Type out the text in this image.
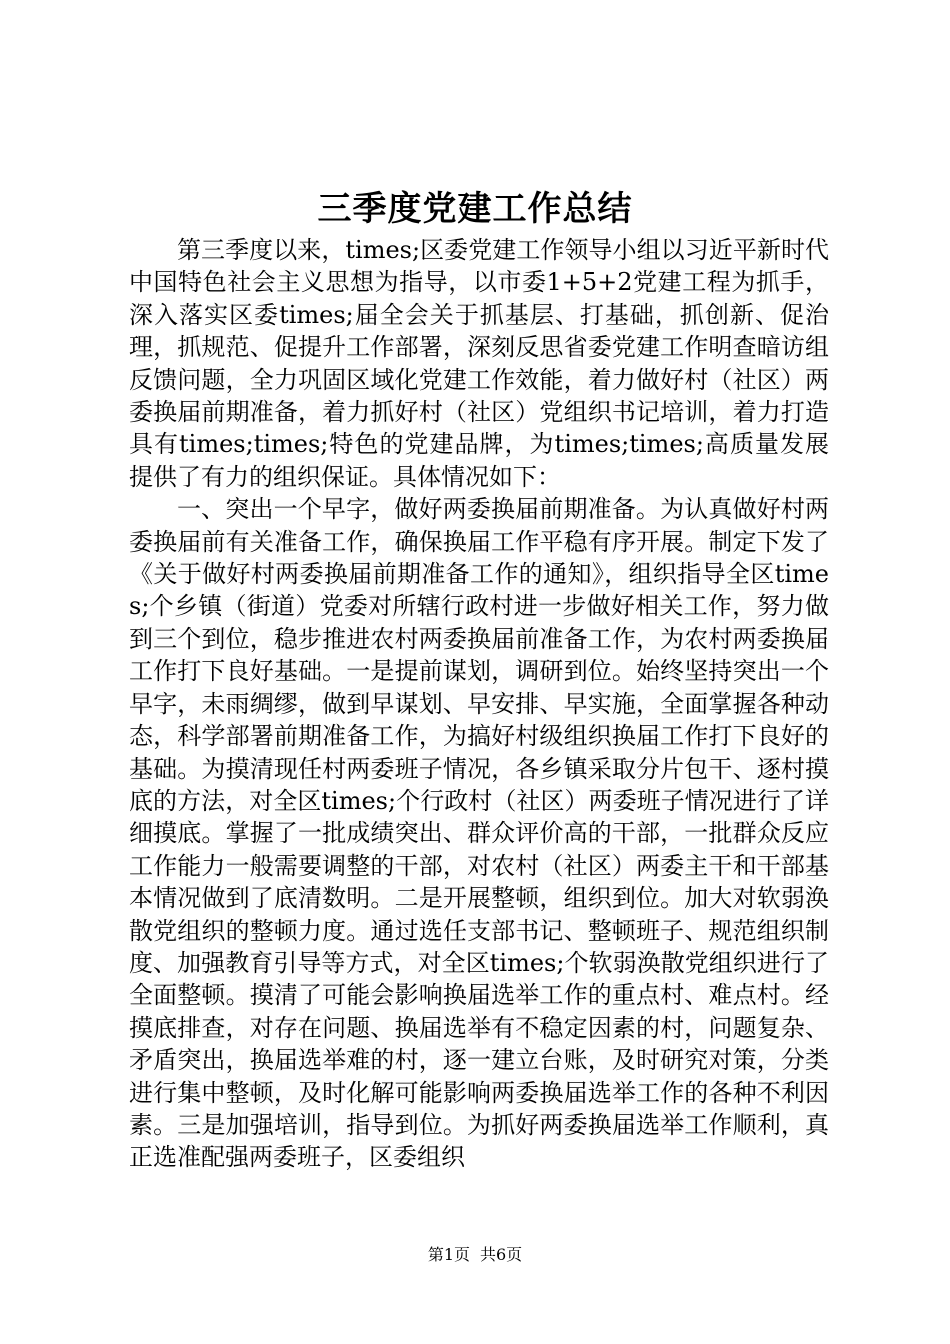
三季度党建工作总结

第三季度以来，times;区委党建工作领导小组以习近平新时代中国特色社会主义思想为指导，以市委1+5+2党建工程为抓手，深入落实区委times;届全会关于抓基层、打基础，抓创新、促治理，抓规范、促提升工作部署，深刻反思省委党建工作明查暗访组反馈问题，全力巩固区域化党建工作效能，着力做好村（社区）两委换届前期准备，着力抓好村（社区）党组织书记培训，着力打造具有times;times;特色的党建品牌，为times;times;高质量发展提供了有力的组织保证。具体情况如下：

一、突出一个早字，做好两委换届前期准备。为认真做好村两委换届前有关准备工作，确保换届工作平稳有序开展。制定下发了《关于做好村两委换届前期准备工作的通知》，组织指导全区times;个乡镇（街道）党委对所辖行政村进一步做好相关工作，努力做到三个到位，稳步推进农村两委换届前准备工作，为农村两委换届工作打下良好基础。一是提前谋划，调研到位。始终坚持突出一个早字，未雨绸缪，做到早谋划、早安排、早实施，全面掌握各种动态，科学部署前期准备工作，为搞好村级组织换届工作打下良好的基础。为摸清现任村两委班子情况，各乡镇采取分片包干、逐村摸底的方法，对全区times;个行政村（社区）两委班子情况进行了详细摸底。掌握了一批成绩突出、群众评价高的干部，一批群众反应工作能力一般需要调整的干部，对农村（社区）两委主干和干部基本情况做到了底清数明。二是开展整顿，组织到位。加大对软弱涣散党组织的整顿力度。通过选任支部书记、整顿班子、规范组织制度、加强教育引导等方式，对全区times;个软弱涣散党组织进行了全面整顿。摸清了可能会影响换届选举工作的重点村、难点村。经摸底排查，对存在问题、换届选举有不稳定因素的村，问题复杂、矛盾突出，换届选举难的村，逐一建立台账，及时研究对策，分类进行集中整顿，及时化解可能影响两委换届选举工作的各种不利因素。三是加强培训，指导到位。为抓好两委换届选举工作顺利，真正选准配强两委班子，区委组织

第1页 共6页
